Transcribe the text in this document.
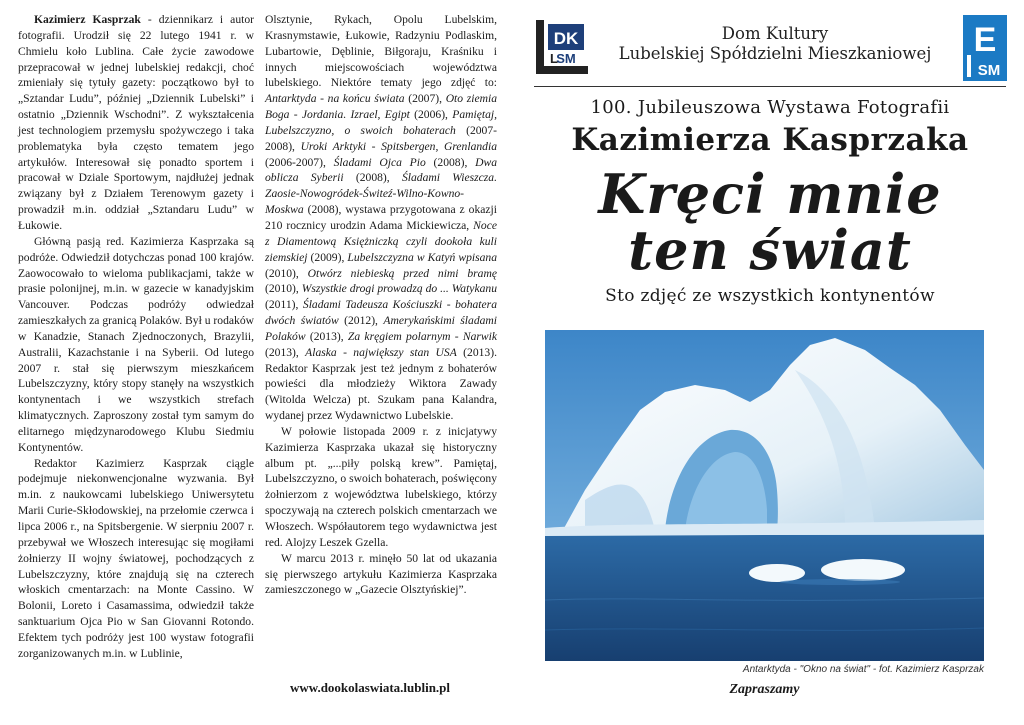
Kazimierz Kasprzak - dziennikarz i autor fotografii. Urodził się 22 lutego 1941 r. w Chmielu koło Lublina. Całe życie zawodowe przepracował w jednej lubelskiej redakcji, choć zmieniały się tytuły gazety: początkowo był to „Sztandar Ludu”, później „Dziennik Lubelski” i ostatnio „Dziennik Wschodni”. Z wykształcenia jest technologiem przemysłu spożywczego i taka problematyka była często tematem jego artykułów. Interesował się ponadto sportem i pracował w Dziale Sportowym, najdłużej jednak związany był z Działem Terenowym gazety i prowadził m.in. oddział „Sztandaru Ludu” w Łukowie.

Główną pasją red. Kazimierza Kasprzaka są podróże. Odwiedził dotychczas ponad 100 krajów. Zaowocowało to wieloma publikacjami, także w prasie polonijnej, m.in. w gazecie w kanadyjskim Vancouver. Podczas podróży odwiedzał zamieszkałych za granicą Polaków. Był u rodaków w Kanadzie, Stanach Zjednoczonych, Brazylii, Australii, Kazachstanie i na Syberii. Od lutego 2007 r. stał się pierwszym mieszkańcem Lubelszczyzny, który stopy stanęły na wszystkich kontynentach i we wszystkich strefach klimatycznych. Zaproszony został tym samym do elitarnego międzynarodowego Klubu Siedmiu Kontynentów.

Redaktor Kazimierz Kasprzak ciągle podejmuje niekonwencjonalne wyzwania. Był m.in. z naukowcami lubelskiego Uniwersytetu Marii Curie-Skłodowskiej, na przełomie czerwca i lipca 2006 r., na Spitsbergenie. W sierpniu 2007 r. przebywał we Włoszech interesując się mogiłami żołnierzy II wojny światowej, pochodzących z Lubelszczyzny, które znajdują się na czterech włoskich cmentarzach: na Monte Cassino. W Bolonii, Loreto i Casamassima, odwiedził także sanktuarium Ojca Pio w San Giovanni Rotondo. Efektem tych podróży jest 100 wystaw fotografii zorganizowanych m.in. w Lublinie,

Olsztynie, Rykach, Opolu Lubelskim, Krasnymstawie, Łukowie, Radzyniu Podlaskim, Lubartowie, Dęblinie, Biłgoraju, Kraśniku i innych miejscowościach województwa lubelskiego. Niektóre tematy jego zdjęć to: Antarktyda - na końcu świata (2007), Oto ziemia Boga - Jordania. Izrael, Egipt (2006), Pamiętaj, Lubelszczyzno, o swoich bohaterach (2007-2008), Uroki Arktyki - Spitsbergen, Grenlandia (2006-2007), Śladami Ojca Pio (2008), Dwa oblicza Syberii (2008), Śladami Wieszcza. Zaosie-Nowogródek-Świteź-Wilno-Kowno-Moskwa (2008), wystawa przygotowana z okazji 210 rocznicy urodzin Adama Mickiewicza, Noce z Diamentową Księżniczką czyli dookoła kuli ziemskiej (2009), Lubelszczyzna w Katyń wpisana (2010), Otwórz niebieską przed nimi bramę (2010), Wszystkie drogi prowadzą do ... Watykanu (2011), Śladami Tadeusza Kościuszki - bohatera dwóch światów (2012), Amerykańskimi śladami Polaków (2013), Za kręgiem polarnym - Narwik (2013), Alaska - największy stan USA (2013). Redaktor Kasprzak jest też jednym z bohaterów powieści dla młodzieży Wiktora Zawady (Witolda Welcza) pt. Szukam pana Kalandra, wydanej przez Wydawnictwo Lubelskie.

W połowie listopada 2009 r. z inicjatywy Kazimierza Kasprzaka ukazał się historyczny album pt. „...piły polską krew”. Pamiętaj, Lubelszczyzno, o swoich bohaterach, poświęcony żołnierzom z województwa lubelskiego, którzy spoczywają na czterech polskich cmentarzach we Włoszech. Współautorem tego wydawnictwa jest red. Alojzy Leszek Gzella.

W marcu 2013 r. minęło 50 lat od ukazania się pierwszego artykułu Kazimierza Kasprzaka zamieszczonego w „Gazecie Olsztyńskiej”.

www.dookolaswiata.lublin.pl
DK
SM
L	E
SM
Dom Kultury
Lubelskiej Spółdzielni Mieszkaniowej
100. Jubileuszowa Wystawa Fotografii
Kazimierza Kasprzaka
Kręci mnie
ten świat
Sto zdjęć ze wszystkich kontynentów
Antarktyda - "Okno na świat" - fot. Kazimierz Kasprzak
Zapraszamy
